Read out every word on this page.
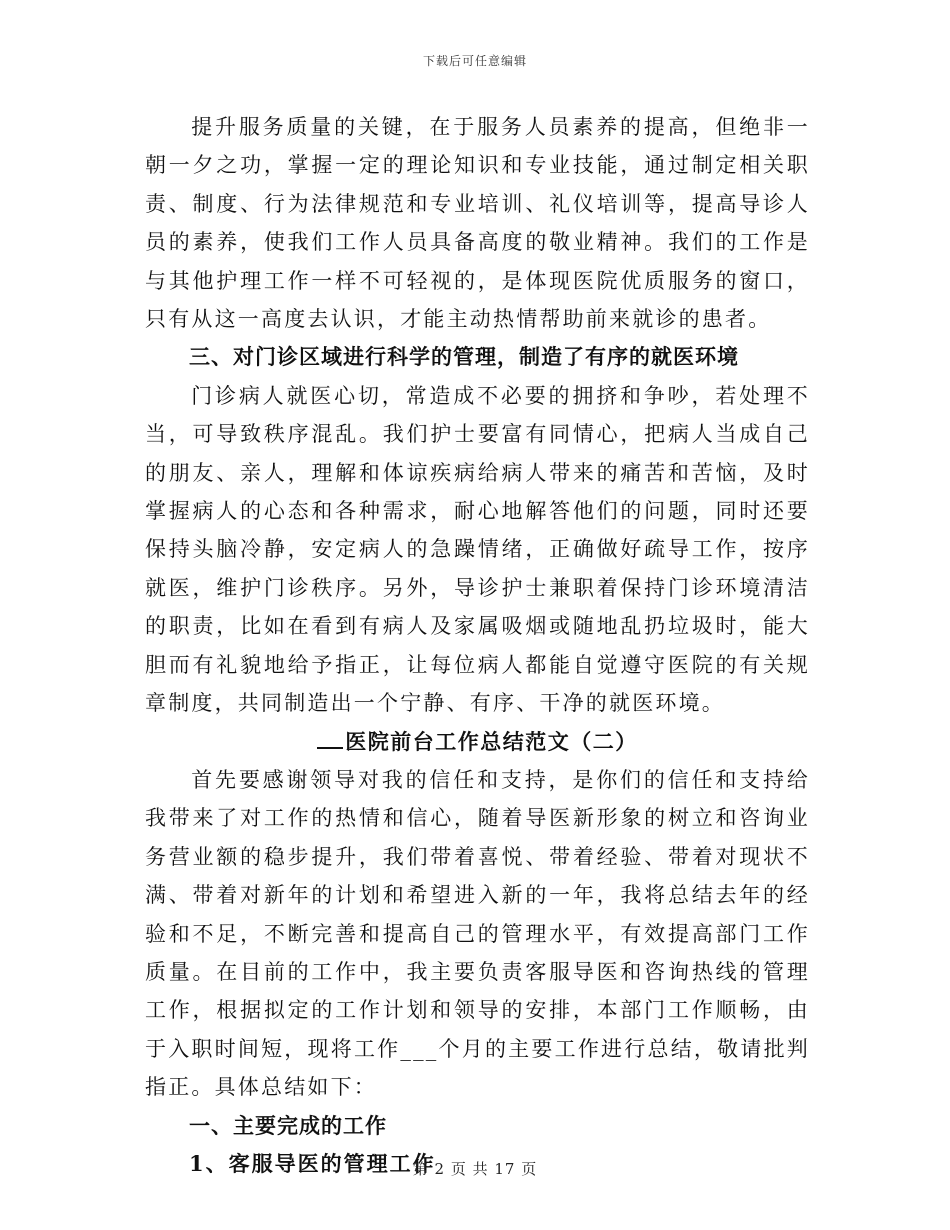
下载后可任意编辑

提升服务质量的关键，在于服务人员素养的提高，但绝非一朝一夕之功，掌握一定的理论知识和专业技能，通过制定相关职责、制度、行为法律规范和专业培训、礼仪培训等，提高导诊人员的素养，使我们工作人员具备高度的敬业精神。我们的工作是与其他护理工作一样不可轻视的，是体现医院优质服务的窗口，只有从这一高度去认识，才能主动热情帮助前来就诊的患者。

三、对门诊区域进行科学的管理，制造了有序的就医环境

门诊病人就医心切，常造成不必要的拥挤和争吵，若处理不当，可导致秩序混乱。我们护士要富有同情心，把病人当成自己的朋友、亲人，理解和体谅疾病给病人带来的痛苦和苦恼，及时掌握病人的心态和各种需求，耐心地解答他们的问题，同时还要保持头脑冷静，安定病人的急躁情绪，正确做好疏导工作，按序就医，维护门诊秩序。另外，导诊护士兼职着保持门诊环境清洁的职责，比如在看到有病人及家属吸烟或随地乱扔垃圾时，能大胆而有礼貌地给予指正，让每位病人都能自觉遵守医院的有关规章制度，共同制造出一个宁静、有序、干净的就医环境。

医院前台工作总结范文（二）

首先要感谢领导对我的信任和支持，是你们的信任和支持给我带来了对工作的热情和信心，随着导医新形象的树立和咨询业务营业额的稳步提升，我们带着喜悦、带着经验、带着对现状不满、带着对新年的计划和希望进入新的一年，我将总结去年的经验和不足，不断完善和提高自己的管理水平，有效提高部门工作质量。在目前的工作中，我主要负责客服导医和咨询热线的管理工作，根据拟定的工作计划和领导的安排，本部门工作顺畅，由于入职时间短，现将工作___个月的主要工作进行总结，敬请批判指正。具体总结如下：

一、主要完成的工作

1、客服导医的管理工作

第 2 页 共 17 页
